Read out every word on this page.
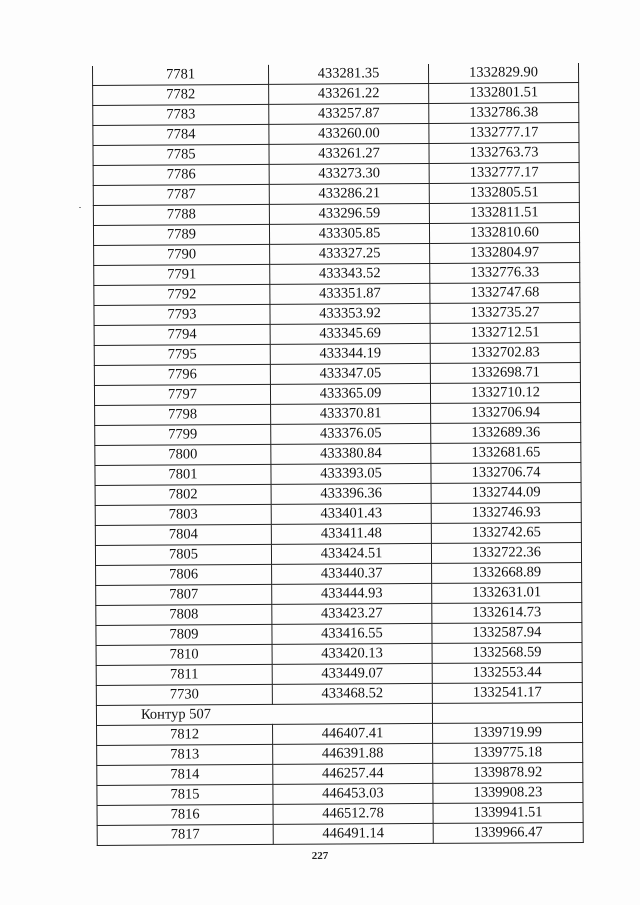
7781	433281.35	1332829.90
7782	433261.22	1332801.51
7783	433257.87	1332786.38
7784	433260.00	1332777.17
7785	433261.27	1332763.73
7786	433273.30	1332777.17
7787	433286.21	1332805.51
7788	433296.59	1332811.51
7789	433305.85	1332810.60
7790	433327.25	1332804.97
7791	433343.52	1332776.33
7792	433351.87	1332747.68
7793	433353.92	1332735.27
7794	433345.69	1332712.51
7795	433344.19	1332702.83
7796	433347.05	1332698.71
7797	433365.09	1332710.12
7798	433370.81	1332706.94
7799	433376.05	1332689.36
7800	433380.84	1332681.65
7801	433393.05	1332706.74
7802	433396.36	1332744.09
7803	433401.43	1332746.93
7804	433411.48	1332742.65
7805	433424.51	1332722.36
7806	433440.37	1332668.89
7807	433444.93	1332631.01
7808	433423.27	1332614.73
7809	433416.55	1332587.94
7810	433420.13	1332568.59
7811	433449.07	1332553.44
7730	433468.52	1332541.17
Контур 507		
7812	446407.41	1339719.99
7813	446391.88	1339775.18
7814	446257.44	1339878.92
7815	446453.03	1339908.23
7816	446512.78	1339941.51
7817	446491.14	1339966.47
227
